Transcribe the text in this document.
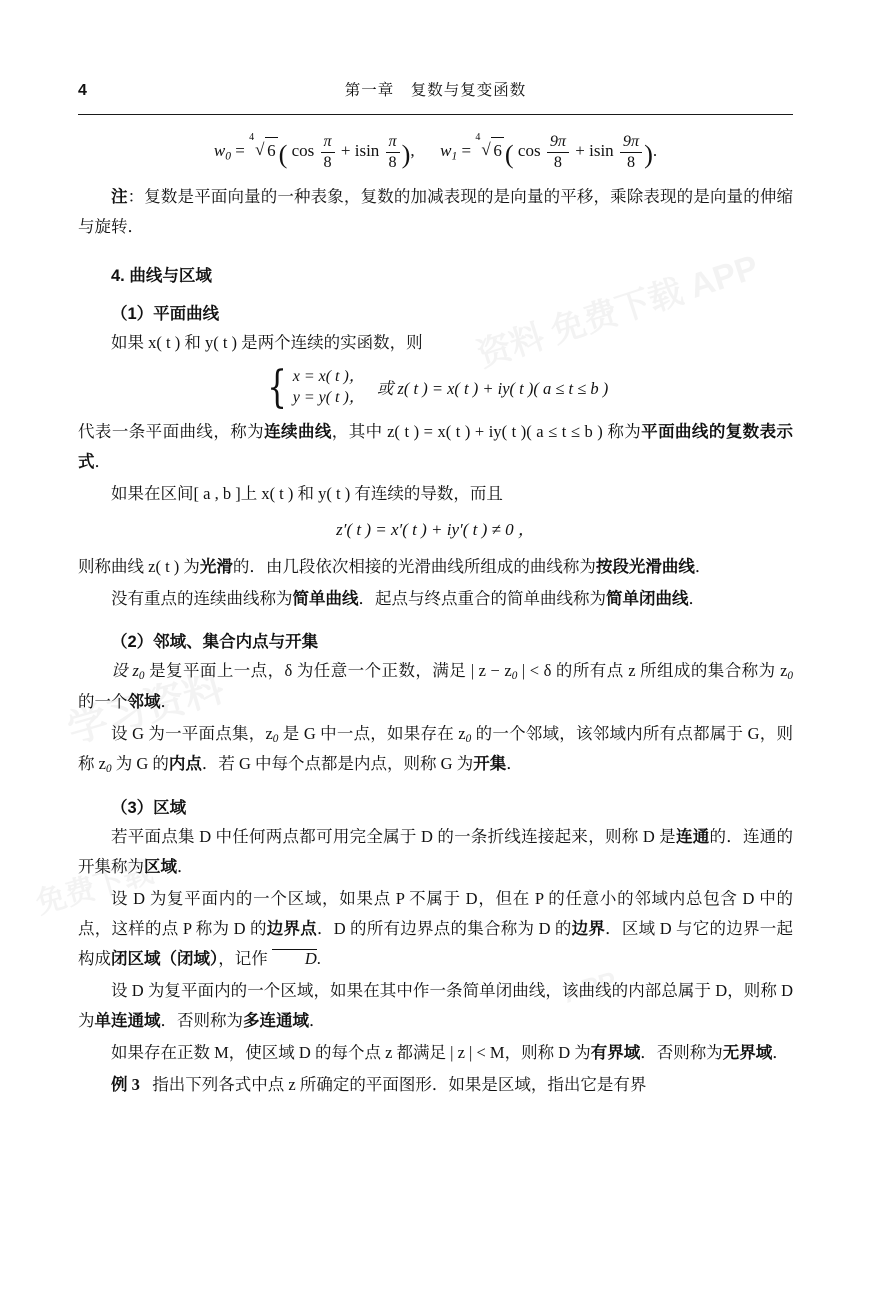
4	第一章　复数与复变函数
$w_0$ =
4
√ 6 ( $\cos \frac{\pi}{8} + isin \frac{\pi}{8}$ ), $w_1$ =
4
√ 6 ( $\cos \frac{9\pi}{8} + isin \frac{9\pi}{8}$ ).

注：复数是平面向量的一种表象，复数的加减表现的是向量的平移，乘除表现的是向量的伸缩与旋转．

4. 曲线与区域
（1）平面曲线

如果 x( t ) 和 y( t ) 是两个连续的实函数，则

{ x = x( t )，
y = y( t )， 或 z( t ) = x( t ) + iy( t )( a ≤ t ≤ b )

代表一条平面曲线，称为连续曲线，其中 z( t ) = x( t ) + iy( t )( a ≤ t ≤ b ) 称为平面曲线的复数表示式．

如果在区间[ a , b ]上 x( t ) 和 y( t ) 有连续的导数，而且

z′( t ) = x′( t ) + iy′( t ) ≠ 0 ，

则称曲线 z( t ) 为光滑的．由几段依次相接的光滑曲线所组成的曲线称为按段光滑曲线．

没有重点的连续曲线称为简单曲线．起点与终点重合的简单曲线称为简单闭曲线．

（2）邻域、集合内点与开集

设 $z_0$ 是复平面上一点，δ 为任意一个正数，满足 | $z - z_0$ | < δ 的所有点 z 所组成的集合称为 $z_0$ 的一个邻域．

设 G 为一平面点集，$z_0$ 是 G 中一点，如果存在 $z_0$ 的一个邻域，该邻域内所有点都属于 G，则称 $z_0$ 为 G 的内点．若 G 中每个点都是内点，则称 G 为开集．

（3）区域

若平面点集 D 中任何两点都可用完全属于 D 的一条折线连接起来，则称 D 是连通的．连通的开集称为区域．

设 D 为复平面内的一个区域，如果点 P 不属于 D，但在 P 的任意小的邻域内总包含 D 中的点，这样的点 P 称为 D 的边界点．D 的所有边界点的集合称为 D 的边界．区域 D 与它的边界一起构成闭区域（闭域），记作 D.

设 D 为复平面内的一个区域，如果在其中作一条简单闭曲线，该曲线的内部总属于 D，则称 D 为单连通域．否则称为多连通域．

如果存在正数 M，使区域 D 的每个点 z 都满足 | z | < M，则称 D 为有界域．否则称为无界域．

例 3 指出下列各式中点 z 所确定的平面图形．如果是区域，指出它是有界
